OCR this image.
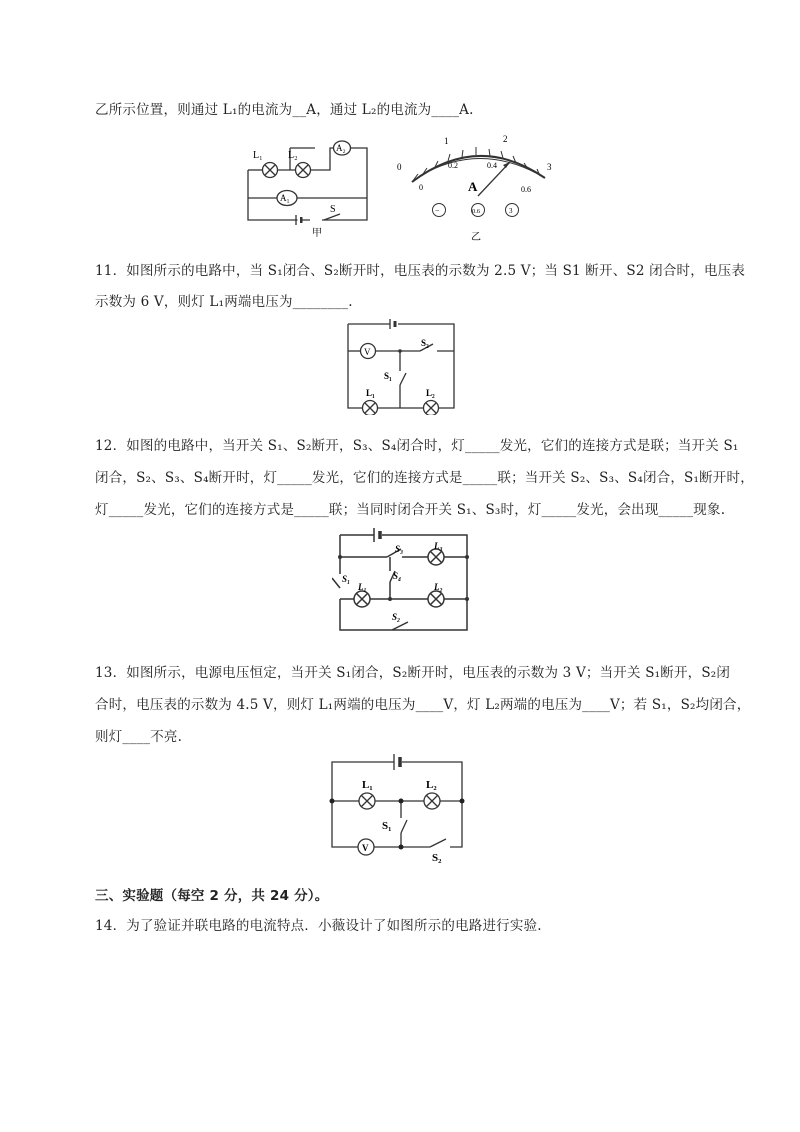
乙所示位置，则通过 L₁的电流为__A，通过 L₂的电流为____A.
L₁	L₂
A₂
A₁
S
甲
0
1	2
3
0
0.2	0.4
0.6
A
−	0.6	3
乙
11．如图所示的电路中，当 S₁闭合、S₂断开时，电压表的示数为 2.5 V；当 S1 断开、S2 闭合时，电压表
示数为 6 V，则灯 L₁两端电压为________.
V
S₂
S₁
L₁	L₂
12．如图的电路中，当开关 S₁、S₂断开，S₃、S₄闭合时，灯_____发光，它们的连接方式是联；当开关 S₁
闭合，S₂、S₃、S₄断开时，灯_____发光，它们的连接方式是_____联；当开关 S₂、S₃、S₄闭合，S₁断开时，
灯_____发光，它们的连接方式是_____联；当同时闭合开关 S₁、S₃时，灯_____发光，会出现_____现象.
S₁
S₃
S₄
L₁
L₃
L₂
S₂
13．如图所示，电源电压恒定，当开关 S₁闭合，S₂断开时，电压表的示数为 3 V；当开关 S₁断开，S₂闭
合时，电压表的示数为 4.5 V，则灯 L₁两端的电压为____V，灯 L₂两端的电压为____V；若 S₁，S₂均闭合，
则灯____不亮.
L₁	L₂
S₁
S₂
V
三、实验题（每空 2 分，共 24 分）。
14．为了验证并联电路的电流特点．小薇设计了如图所示的电路进行实验.
